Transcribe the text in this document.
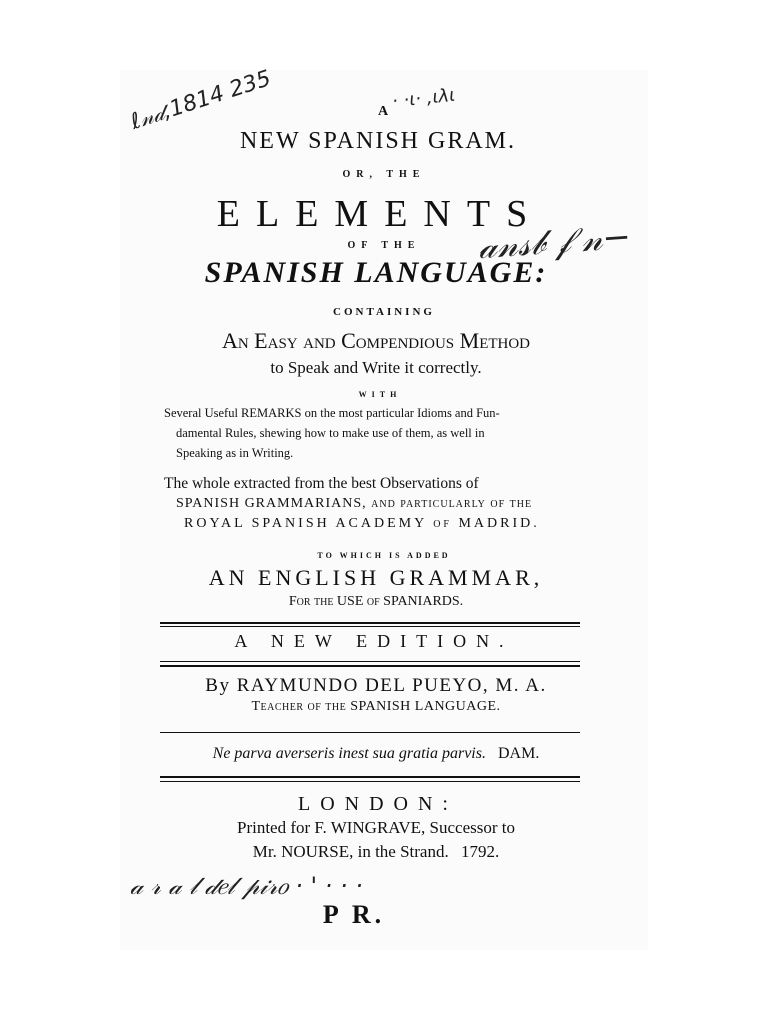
ℓ𝓃𝒹,1814 235	· ·ι· ‚ιλι
𝒶𝓃𝓈𝒷 𝒻 𝓃−
𝒶 𝓇 𝒶 𝓁 𝒹𝑒𝓁 𝓅𝒾𝓇𝑜 · ' · · ·
A
NEW SPANISH GRAM.
OR, THE
ELEMENTS
OF THE
SPANISH LANGUAGE:
CONTAINING
An Easy and Compendious Method
to Speak and Write it correctly.
WITH
Several Useful REMARKS on the most particular Idioms and Fun-
damental Rules, shewing how to make use of them, as well in
Speaking as in Writing.
The whole extracted from the best Observations of
SPANISH GRAMMARIANS, and particularly of the
ROYAL SPANISH ACADEMY of MADRID.
TO WHICH IS ADDED
AN ENGLISH GRAMMAR,
For the USE of SPANIARDS.
A NEW EDITION.
By RAYMUNDO DEL PUEYO, M. A.
Teacher of the SPANISH LANGUAGE.
Ne parva averseris inest sua gratia parvis. DAM.
LONDON:
Printed for F. WINGRAVE, Successor to
Mr. NOURSE, in the Strand. 1792.
P R.
